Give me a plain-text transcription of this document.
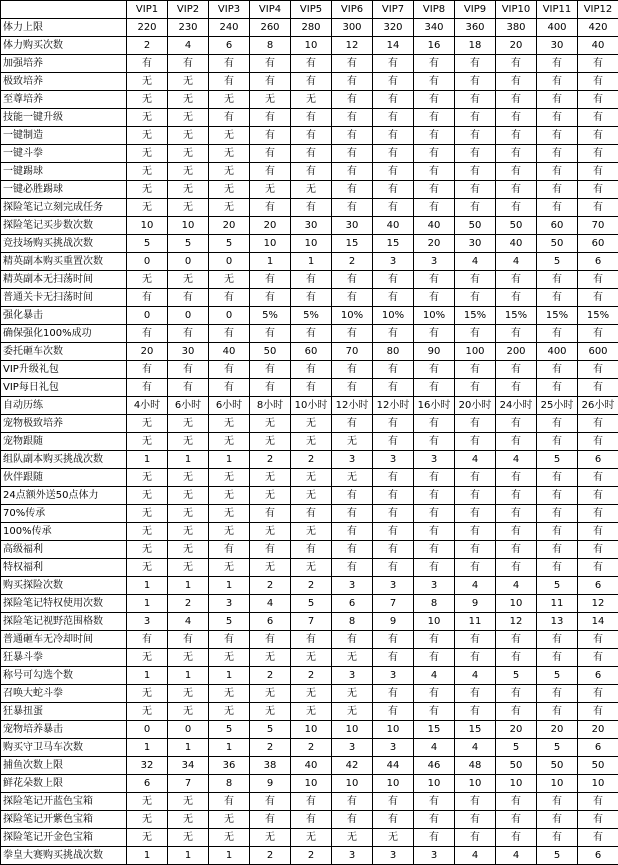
	VIP1	VIP2	VIP3	VIP4	VIP5	VIP6	VIP7	VIP8	VIP9	VIP10	VIP11	VIP12
体力上限	220	230	240	260	280	300	320	340	360	380	400	420
体力购买次数	2	4	6	8	10	12	14	16	18	20	30	40
加强培养	有	有	有	有	有	有	有	有	有	有	有	有
极致培养	无	无	有	有	有	有	有	有	有	有	有	有
至尊培养	无	无	无	无	无	有	有	有	有	有	有	有
技能一键升级	无	无	有	有	有	有	有	有	有	有	有	有
一键制造	无	无	无	有	有	有	有	有	有	有	有	有
一键斗拳	无	无	无	有	有	有	有	有	有	有	有	有
一键踢球	无	无	无	有	有	有	有	有	有	有	有	有
一键必胜踢球	无	无	无	无	无	有	有	有	有	有	有	有
探险笔记立刻完成任务	无	无	无	有	有	有	有	有	有	有	有	有
探险笔记买步数次数	10	10	20	20	30	30	40	40	50	50	60	70
竞技场购买挑战次数	5	5	5	10	10	15	15	20	30	40	50	60
精英副本购买重置次数	0	0	0	1	1	2	3	3	4	4	5	6
精英副本无扫荡时间	无	无	无	有	有	有	有	有	有	有	有	有
普通关卡无扫荡时间	有	有	有	有	有	有	有	有	有	有	有	有
强化暴击	0	0	0	5%	5%	10%	10%	10%	15%	15%	15%	15%
确保强化100%成功	有	有	有	有	有	有	有	有	有	有	有	有
委托砸车次数	20	30	40	50	60	70	80	90	100	200	400	600
VIP升级礼包	有	有	有	有	有	有	有	有	有	有	有	有
VIP每日礼包	有	有	有	有	有	有	有	有	有	有	有	有
自动历练	4小时	6小时	6小时	8小时	10小时	12小时	12小时	16小时	20小时	24小时	25小时	26小时
宠物极致培养	无	无	无	无	无	有	有	有	有	有	有	有
宠物跟随	无	无	无	无	无	无	有	有	有	有	有	有
组队副本购买挑战次数	1	1	1	2	2	3	3	3	4	4	5	6
伙伴跟随	无	无	无	无	无	无	有	有	有	有	有	有
24点额外送50点体力	无	无	无	无	无	有	有	有	有	有	有	有
70%传承	无	无	无	有	有	有	有	有	有	有	有	有
100%传承	无	无	无	无	无	有	有	有	有	有	有	有
高级福利	无	无	有	有	有	有	有	有	有	有	有	有
特权福利	无	无	无	无	无	有	有	有	有	有	有	有
购买探险次数	1	1	1	2	2	3	3	3	4	4	5	6
探险笔记特权使用次数	1	2	3	4	5	6	7	8	9	10	11	12
探险笔记视野范围格数	3	4	5	6	7	8	9	10	11	12	13	14
普通砸车无冷却时间	有	有	有	有	有	有	有	有	有	有	有	有
狂暴斗拳	无	无	无	无	无	无	有	有	有	有	有	有
称号可勾选个数	1	1	1	2	2	3	3	4	4	5	5	6
召唤大蛇斗拳	无	无	无	无	无	无	有	有	有	有	有	有
狂暴扭蛋	无	无	无	无	无	无	有	有	有	有	有	有
宠物培养暴击	0	0	5	5	10	10	10	15	15	20	20	20
购买守卫马车次数	1	1	1	2	2	3	3	4	4	5	5	6
捕鱼次数上限	32	34	36	38	40	42	44	46	48	50	50	50
鲜花朵数上限	6	7	8	9	10	10	10	10	10	10	10	10
探险笔记开蓝色宝箱	无	无	有	有	有	有	有	有	有	有	有	有
探险笔记开紫色宝箱	无	无	无	有	有	有	有	有	有	有	有	有
探险笔记开金色宝箱	无	无	无	无	无	无	无	有	有	有	有	有
拳皇大赛购买挑战次数	1	1	1	2	2	3	3	3	4	4	5	6
